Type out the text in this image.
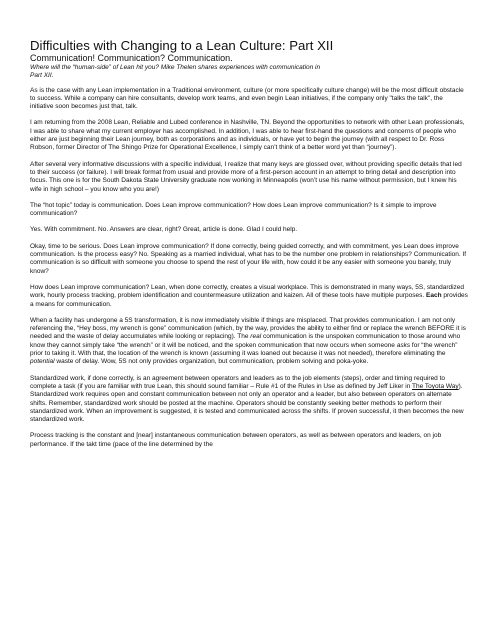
Difficulties with Changing to a Lean Culture: Part XII
Communication! Communication? Communication.
Where will the “human-side” of Lean hit you? Mike Thelen shares experiences with communication in
Part XII.

As is the case with any Lean implementation in a Traditional environment, culture (or more specifically culture change) will be the most difficult obstacle to success. While a company can hire consultants, develop work teams, and even begin Lean initiatives, if the company only "talks the talk", the initiative soon becomes just that, talk.

I am returning from the 2008 Lean, Reliable and Lubed conference in Nashville, TN. Beyond the opportunities to network with other Lean professionals, I was able to share what my current employer has accomplished. In addition, I was able to hear first-hand the questions and concerns of people who either are just beginning their Lean journey, both as corporations and as individuals, or have yet to begin the journey (with all respect to Dr. Ross Robson, former Director of The Shingo Prize for Operational Excellence, I simply can’t think of a better word yet than “journey”).

After several very informative discussions with a specific individual, I realize that many keys are glossed over, without providing specific details that led to their success (or failure). I will break format from usual and provide more of a first-person account in an attempt to bring detail and description into focus. This one is for the South Dakota State University graduate now working in Minneapolis (won’t use his name without permission, but I knew his wife in high school – you know who you are!)

The “hot topic” today is communication. Does Lean improve communication? How does Lean improve communication? Is it simple to improve communication?

Yes. With commitment. No. Answers are clear, right? Great, article is done. Glad I could help.

Okay, time to be serious. Does Lean improve communication? If done correctly, being guided correctly, and with commitment, yes Lean does improve communication. Is the process easy? No. Speaking as a married individual, what has to be the number one problem in relationships? Communication. If communication is so difficult with someone you choose to spend the rest of your life with, how could it be any easier with someone you barely, truly know?

How does Lean improve communication? Lean, when done correctly, creates a visual workplace. This is demonstrated in many ways, 5S, standardized work, hourly process tracking, problem identification and countermeasure utilization and kaizen. All of these tools have multiple purposes. Each provides a means for communication.

When a facility has undergone a 5S transformation, it is now immediately visible if things are misplaced. That provides communication. I am not only referencing the, “Hey boss, my wrench is gone” communication (which, by the way, provides the ability to either find or replace the wrench BEFORE it is needed and the waste of delay accumulates while looking or replacing). The real communication is the unspoken communication to those around who know they cannot simply take “the wrench” or it will be noticed, and the spoken communication that now occurs when someone asks for “the wrench” prior to taking it. With that, the location of the wrench is known (assuming it was loaned out because it was not needed), therefore eliminating the potential waste of delay. Wow, 5S not only provides organization, but communication, problem solving and poka-yoke.

Standardized work, if done correctly, is an agreement between operators and leaders as to the job elements (steps), order and timing required to complete a task (if you are familiar with true Lean, this should sound familiar – Rule #1 of the Rules in Use as defined by Jeff Liker in The Toyota Way). Standardized work requires open and constant communication between not only an operator and a leader, but also between operators on alternate shifts. Remember, standardized work should be posted at the machine. Operators should be constantly seeking better methods to perform their standardized work. When an improvement is suggested, it is tested and communicated across the shifts. If proven successful, it then becomes the new standardized work.

Process tracking is the constant and [near] instantaneous communication between operators, as well as between operators and leaders, on job performance. If the takt time (pace of the line determined by the
